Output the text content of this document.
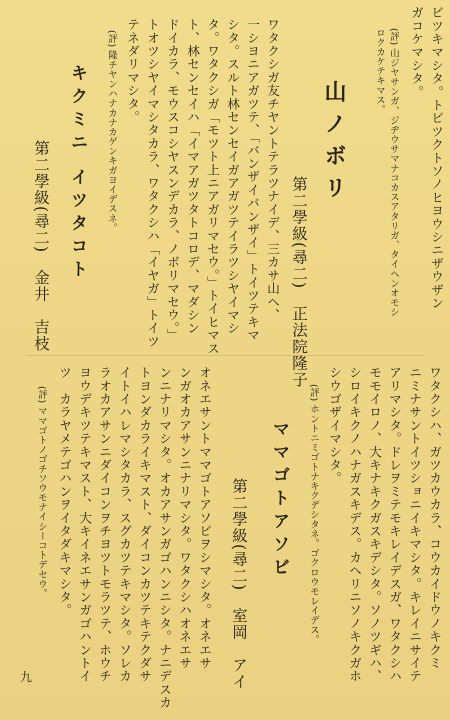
ビツキマシタ。トビツクトソノヒヨウシニザウザン
ガコケマシタ。
(評) 山ジヤサンガ、ジヂウサマナコカスアタリガ、タイヘンオモシ
ロクカケテキマス。
山ノボリ
第二學級(尋二)　正法院隆子
ワタクシガ友チヤントテラツナイデ、三カサ山ヘ、
一シヨニアガツテ、「バンザイバンザイ」トイツテキマ
シタ。スルト林センセイガアガツテイラツシヤイマシ
タ。ワタクシガ「モツト上ニアガリマセウ。」トイヒマス
ト、林センセイハ「イマアガツタトコロデ、マダシン
ドイカラ、モウスコシヤスンデカラ、ノボリマセウ。」
トオツシヤイマシタカラ、ワタクシハ「イヤガ」トイツ
テネダリマシタ。
(評) 隆チヤンハナカナカゲンキガヨイデスネ。
キクミニ イツタコト
第二學級(尋二)　金井　吉枝
ワタクシハ、ガツカウカラ、コウカイドウノキクミ
ニミナサントイツショニイキマシタ。キレイニサイテ
アリマシタ。ドレヲミテモキレイデスガ、ワタクシハ
モモイロノ、大キナキクガスキデシタ。ソノツギハ、
シロイキクノハナガスキデス。カヘリニソノキクガホ
シウゴザイマシタ。
(評) ホントニミゴトナキクデシタネ。ゴクロウモレイデス。
ママゴトアソビ
第二學級(尋二)　室岡　アイ
オネエサントママゴトアソビヲシマシタ。オネエサ
ンガオカアサンニナリマシタ。ワタクシハオネエサ
ンニナリマシタ。オカアサンガゴハンニシタ。ナニデスカ
トヨンダカライキマスト、ダイコンカツテキテクダサ
イトイハレマシタカラ、スグカツテキマシタ。ソレカ
ラオカアサンニダイコンヲチヨツトモラツテ、ホウチ
ヨウデキツテキマスト、大キイネエサンガゴハントイ
ツ　カラヤメテゴハンヲイタダキマシタ。
(評) ママゴトノゴチソウモナイシーコトデセウ。
九
